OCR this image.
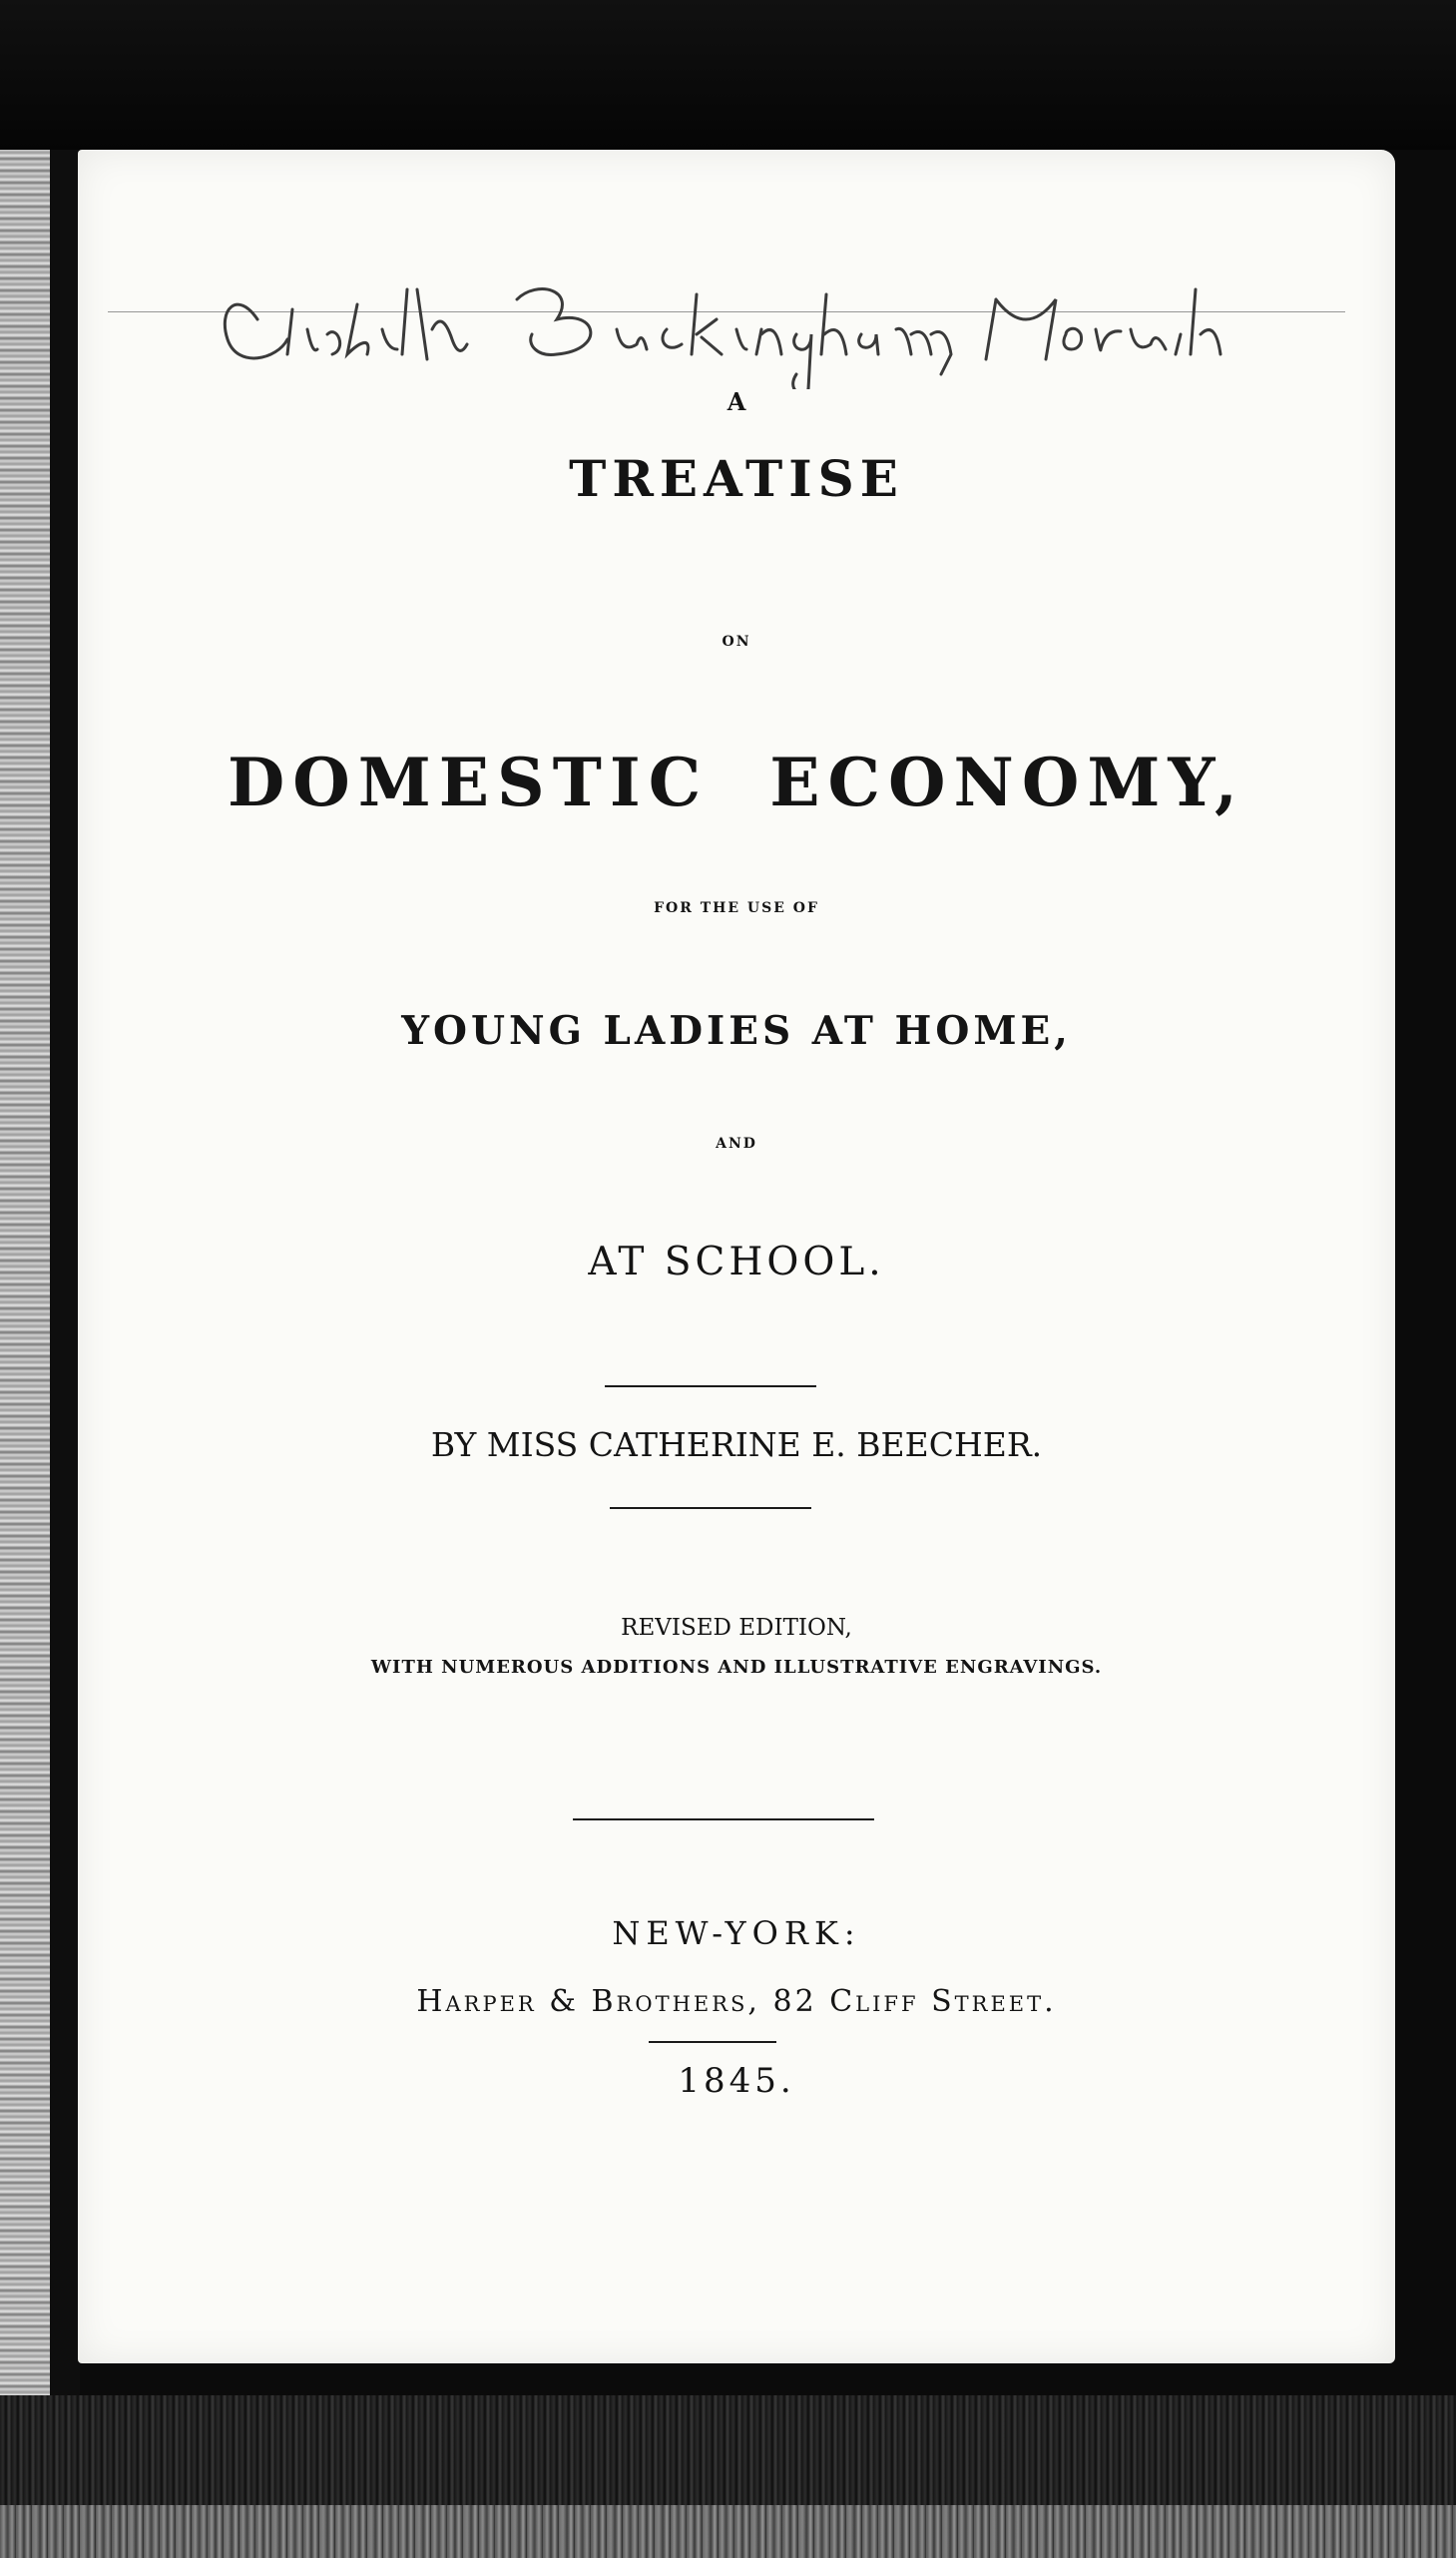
Elisabeth Buckingham, Norwich
A
TREATISE
ON
DOMESTIC ECONOMY,
FOR THE USE OF
YOUNG LADIES AT HOME,
AND
AT SCHOOL.
BY MISS CATHERINE E. BEECHER.
REVISED EDITION,
WITH NUMEROUS ADDITIONS AND ILLUSTRATIVE ENGRAVINGS.
NEW-YORK:
Harper & Brothers, 82 Cliff Street.
1845.
